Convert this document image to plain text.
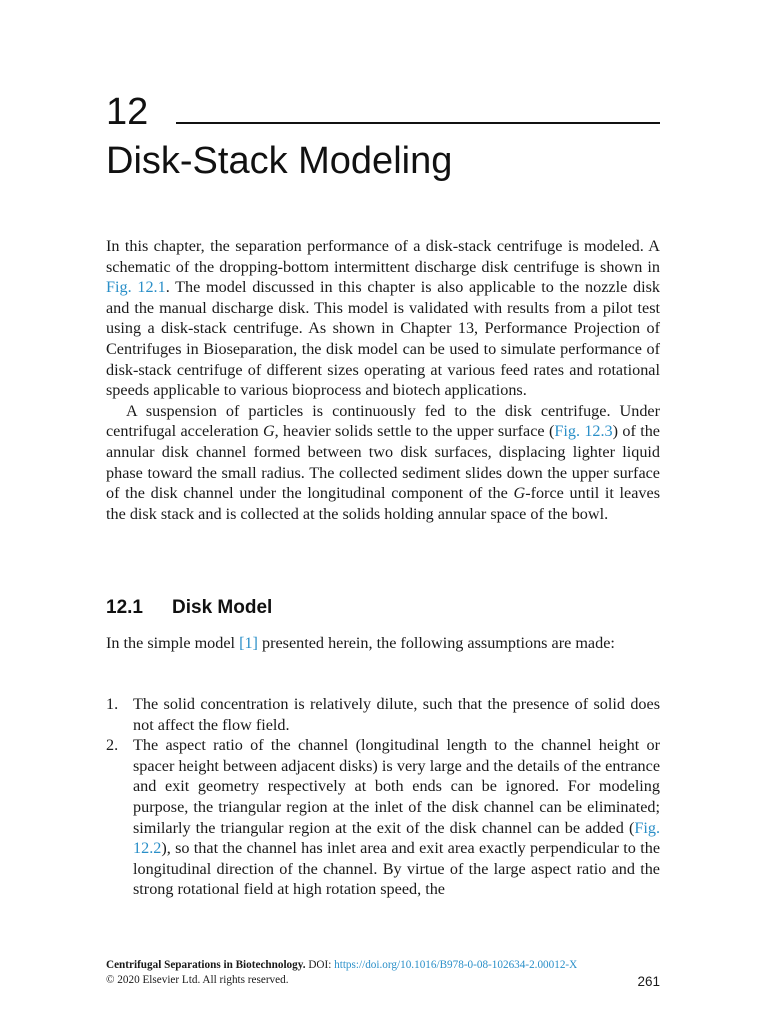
12
Disk-Stack Modeling

In this chapter, the separation performance of a disk-stack centrifuge is modeled. A schematic of the dropping-bottom intermittent discharge disk centrifuge is shown in Fig. 12.1. The model discussed in this chapter is also applicable to the nozzle disk and the manual discharge disk. This model is validated with results from a pilot test using a disk-stack centrifuge. As shown in Chapter 13, Performance Projection of Centrifuges in Bioseparation, the disk model can be used to simulate performance of disk-stack centrifuge of different sizes operating at various feed rates and rotational speeds applicable to various bioprocess and biotech applications.

A suspension of particles is continuously fed to the disk centrifuge. Under centrifugal acceleration G, heavier solids settle to the upper surface (Fig. 12.3) of the annular disk channel formed between two disk surfaces, displacing lighter liquid phase toward the small radius. The collected sediment slides down the upper surface of the disk channel under the longitudinal component of the G-force until it leaves the disk stack and is collected at the solids holding annular space of the bowl.

12.1 Disk Model

In the simple model [1] presented herein, the following assumptions are made:

1. The solid concentration is relatively dilute, such that the presence of solid does not affect the flow field.
2. The aspect ratio of the channel (longitudinal length to the channel height or spacer height between adjacent disks) is very large and the details of the entrance and exit geometry respectively at both ends can be ignored. For modeling purpose, the triangular region at the inlet of the disk channel can be eliminated; similarly the triangular region at the exit of the disk channel can be added (Fig. 12.2), so that the channel has inlet area and exit area exactly perpendicular to the longitudinal direction of the channel. By virtue of the large aspect ratio and the strong rotational field at high rotation speed, the
Centrifugal Separations in Biotechnology. DOI: https://doi.org/10.1016/B978-0-08-102634-2.00012-X
© 2020 Elsevier Ltd. All rights reserved.	261
